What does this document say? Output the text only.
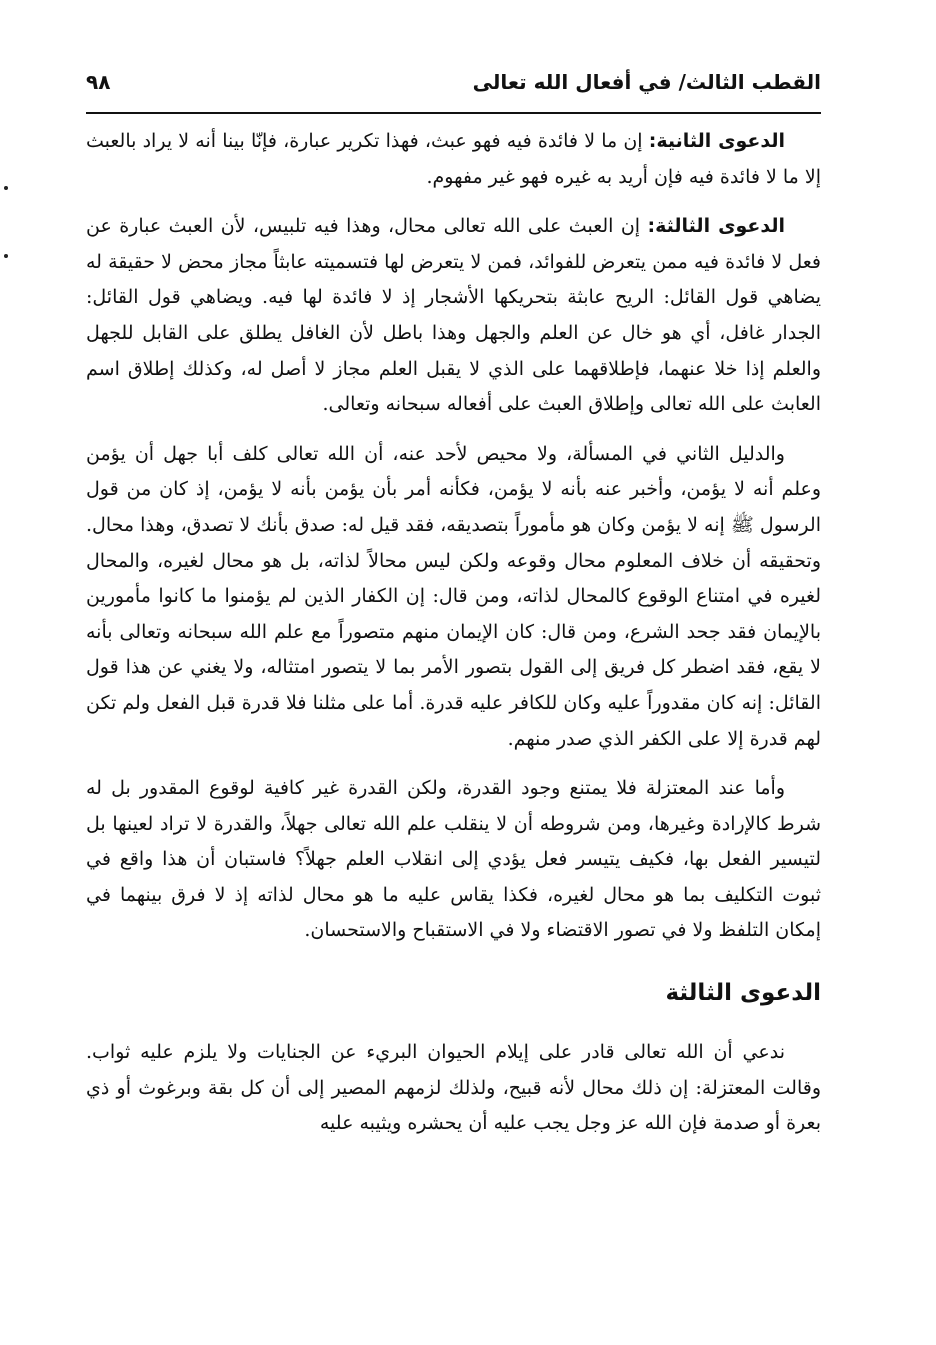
القطب الثالث/ في أفعال الله تعالى
٩٨

الدعوى الثانية: إن ما لا فائدة فيه فهو عبث، فهذا تكرير عبارة، فإنّا بينا أنه لا يراد بالعبث إلا ما لا فائدة فيه فإن أريد به غيره فهو غير مفهوم.

الدعوى الثالثة: إن العبث على الله تعالى محال، وهذا فيه تلبيس، لأن العبث عبارة عن فعل لا فائدة فيه ممن يتعرض للفوائد، فمن لا يتعرض لها فتسميته عابثاً مجاز محض لا حقيقة له يضاهي قول القائل: الريح عابثة بتحريكها الأشجار إذ لا فائدة لها فيه. ويضاهي قول القائل: الجدار غافل، أي هو خال عن العلم والجهل وهذا باطل لأن الغافل يطلق على القابل للجهل والعلم إذا خلا عنهما، فإطلاقهما على الذي لا يقبل العلم مجاز لا أصل له، وكذلك إطلاق اسم العابث على الله تعالى وإطلاق العبث على أفعاله سبحانه وتعالى.

والدليل الثاني في المسألة، ولا محيص لأحد عنه، أن الله تعالى كلف أبا جهل أن يؤمن وعلم أنه لا يؤمن، وأخبر عنه بأنه لا يؤمن، فكأنه أمر بأن يؤمن بأنه لا يؤمن، إذ كان من قول الرسول ﷺ إنه لا يؤمن وكان هو مأموراً بتصديقه، فقد قيل له: صدق بأنك لا تصدق، وهذا محال. وتحقيقه أن خلاف المعلوم محال وقوعه ولكن ليس محالاً لذاته، بل هو محال لغيره، والمحال لغيره في امتناع الوقوع كالمحال لذاته، ومن قال: إن الكفار الذين لم يؤمنوا ما كانوا مأمورين بالإيمان فقد جحد الشرع، ومن قال: كان الإيمان منهم متصوراً مع علم الله سبحانه وتعالى بأنه لا يقع، فقد اضطر كل فريق إلى القول بتصور الأمر بما لا يتصور امتثاله، ولا يغني عن هذا قول القائل: إنه كان مقدوراً عليه وكان للكافر عليه قدرة. أما على مثلنا فلا قدرة قبل الفعل ولم تكن لهم قدرة إلا على الكفر الذي صدر منهم.

وأما عند المعتزلة فلا يمتنع وجود القدرة، ولكن القدرة غير كافية لوقوع المقدور بل له شرط كالإرادة وغيرها، ومن شروطه أن لا ينقلب علم الله تعالى جهلاً، والقدرة لا تراد لعينها بل لتيسير الفعل بها، فكيف يتيسر فعل يؤدي إلى انقلاب العلم جهلاً؟ فاستبان أن هذا واقع في ثبوت التكليف بما هو محال لغيره، فكذا يقاس عليه ما هو محال لذاته إذ لا فرق بينهما في إمكان التلفظ ولا في تصور الاقتضاء ولا في الاستقباح والاستحسان.

الدعوى الثالثة

ندعي أن الله تعالى قادر على إيلام الحيوان البريء عن الجنايات ولا يلزم عليه ثواب. وقالت المعتزلة: إن ذلك محال لأنه قبيح، ولذلك لزمهم المصير إلى أن كل بقة وبرغوث أو ذي بعرة أو صدمة فإن الله عز وجل يجب عليه أن يحشره ويثيبه عليه
